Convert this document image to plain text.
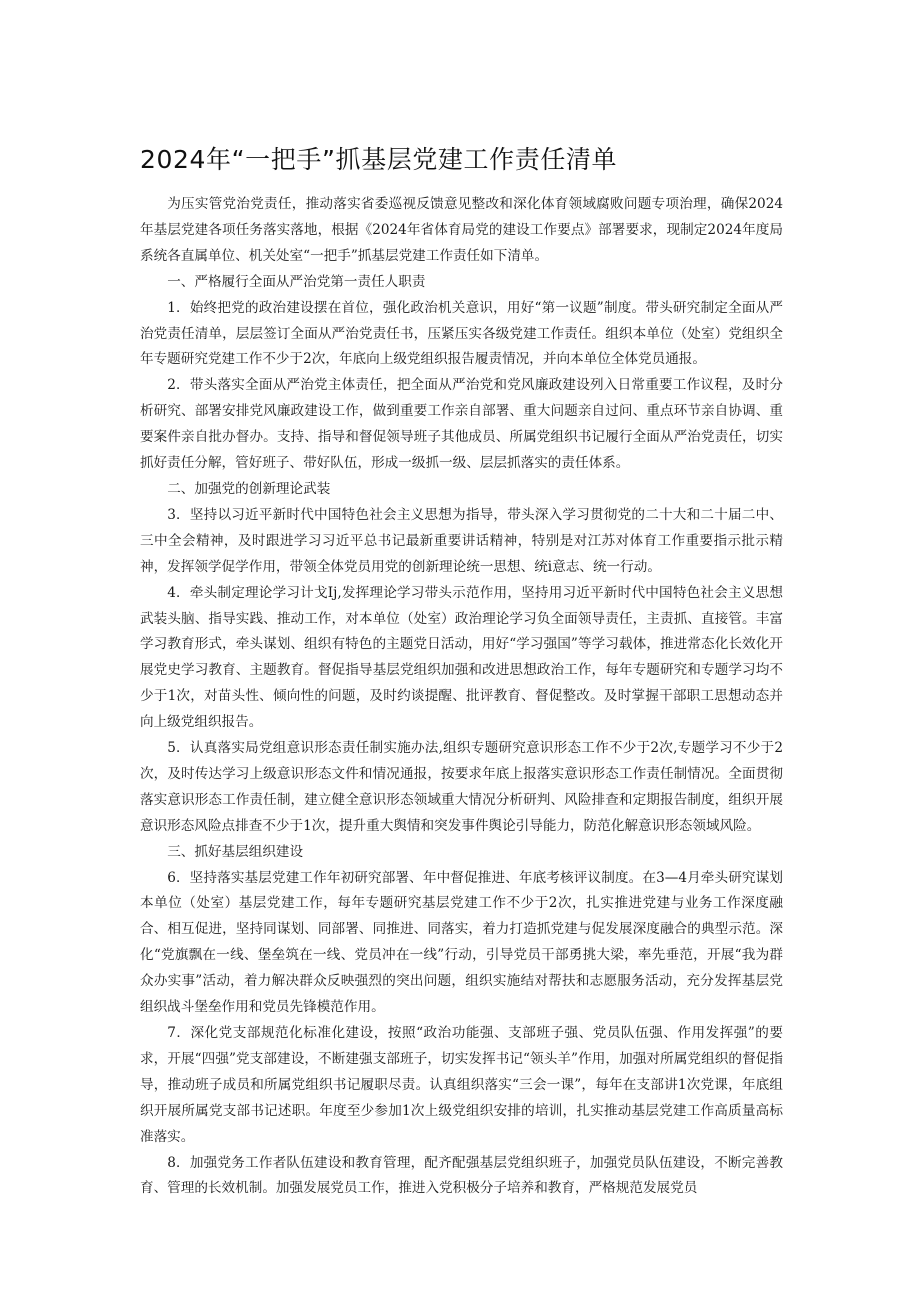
2024年“一把手”抓基层党建工作责任清单

为压实管党治党责任，推动落实省委巡视反馈意见整改和深化体育领域腐败问题专项治理，确保2024年基层党建各项任务落实落地，根据《2024年省体育局党的建设工作要点》部署要求，现制定2024年度局系统各直属单位、机关处室“一把手”抓基层党建工作责任如下清单。

一、严格履行全面从严治党第一责任人职责

1．始终把党的政治建设摆在首位，强化政治机关意识，用好“第一议题”制度。带头研究制定全面从严治党责任清单，层层签订全面从严治党责任书，压紧压实各级党建工作责任。组织本单位（处室）党组织全年专题研究党建工作不少于2次，年底向上级党组织报告履责情况，并向本单位全体党员通报。

2．带头落实全面从严治党主体责任，把全面从严治党和党风廉政建设列入日常重要工作议程，及时分析研究、部署安排党风廉政建设工作，做到重要工作亲自部署、重大问题亲自过问、重点环节亲自协调、重要案件亲自批办督办。支持、指导和督促领导班子其他成员、所属党组织书记履行全面从严治党责任，切实抓好责任分解，管好班子、带好队伍，形成一级抓一级、层层抓落实的责任体系。

二、加强党的创新理论武装

3．坚持以习近平新时代中国特色社会主义思想为指导，带头深入学习贯彻党的二十大和二十届二中、三中全会精神，及时跟进学习习近平总书记最新重要讲话精神，特别是对江苏对体育工作重要指示批示精神，发挥领学促学作用，带领全体党员用党的创新理论统一思想、统i意志、统一行动。

4．牵头制定理论学习计戈Ij,发挥理论学习带头示范作用，坚持用习近平新时代中国特色社会主义思想武装头脑、指导实践、推动工作，对本单位（处室）政治理论学习负全面领导责任，主责抓、直接管。丰富学习教育形式，牵头谋划、组织有特色的主题党日活动，用好“学习强国”等学习载体，推进常态化长效化开展党史学习教育、主题教育。督促指导基层党组织加强和改进思想政治工作，每年专题研究和专题学习均不少于1次，对苗头性、倾向性的问题，及时约谈提醒、批评教育、督促整改。及时掌握干部职工思想动态并向上级党组织报告。

5．认真落实局党组意识形态责任制实施办法,组织专题研究意识形态工作不少于2次,专题学习不少于2次，及时传达学习上级意识形态文件和情况通报，按要求年底上报落实意识形态工作责任制情况。全面贯彻落实意识形态工作责任制，建立健全意识形态领域重大情况分析研判、风险排查和定期报告制度，组织开展意识形态风险点排查不少于1次，提升重大舆情和突发事件舆论引导能力，防范化解意识形态领域风险。

三、抓好基层组织建设

6．坚持落实基层党建工作年初研究部署、年中督促推进、年底考核评议制度。在3—4月牵头研究谋划本单位（处室）基层党建工作，每年专题研究基层党建工作不少于2次，扎实推进党建与业务工作深度融合、相互促进，坚持同谋划、同部署、同推进、同落实，着力打造抓党建与促发展深度融合的典型示范。深化“党旗飘在一线、堡垒筑在一线、党员冲在一线”行动，引导党员干部勇挑大梁，率先垂范，开展“我为群众办实事”活动，着力解决群众反映强烈的突出问题，组织实施结对帮扶和志愿服务活动，充分发挥基层党组织战斗堡垒作用和党员先锋模范作用。

7．深化党支部规范化标准化建设，按照“政治功能强、支部班子强、党员队伍强、作用发挥强”的要求，开展“四强”党支部建设，不断建强支部班子，切实发挥书记“领头羊”作用，加强对所属党组织的督促指导，推动班子成员和所属党组织书记履职尽责。认真组织落实“三会一课”，每年在支部讲1次党课，年底组织开展所属党支部书记述职。年度至少参加1次上级党组织安排的培训，扎实推动基层党建工作高质量高标准落实。

8．加强党务工作者队伍建设和教育管理，配齐配强基层党组织班子，加强党员队伍建设，不断完善教育、管理的长效机制。加强发展党员工作，推进入党积极分子培养和教育，严格规范发展党员
